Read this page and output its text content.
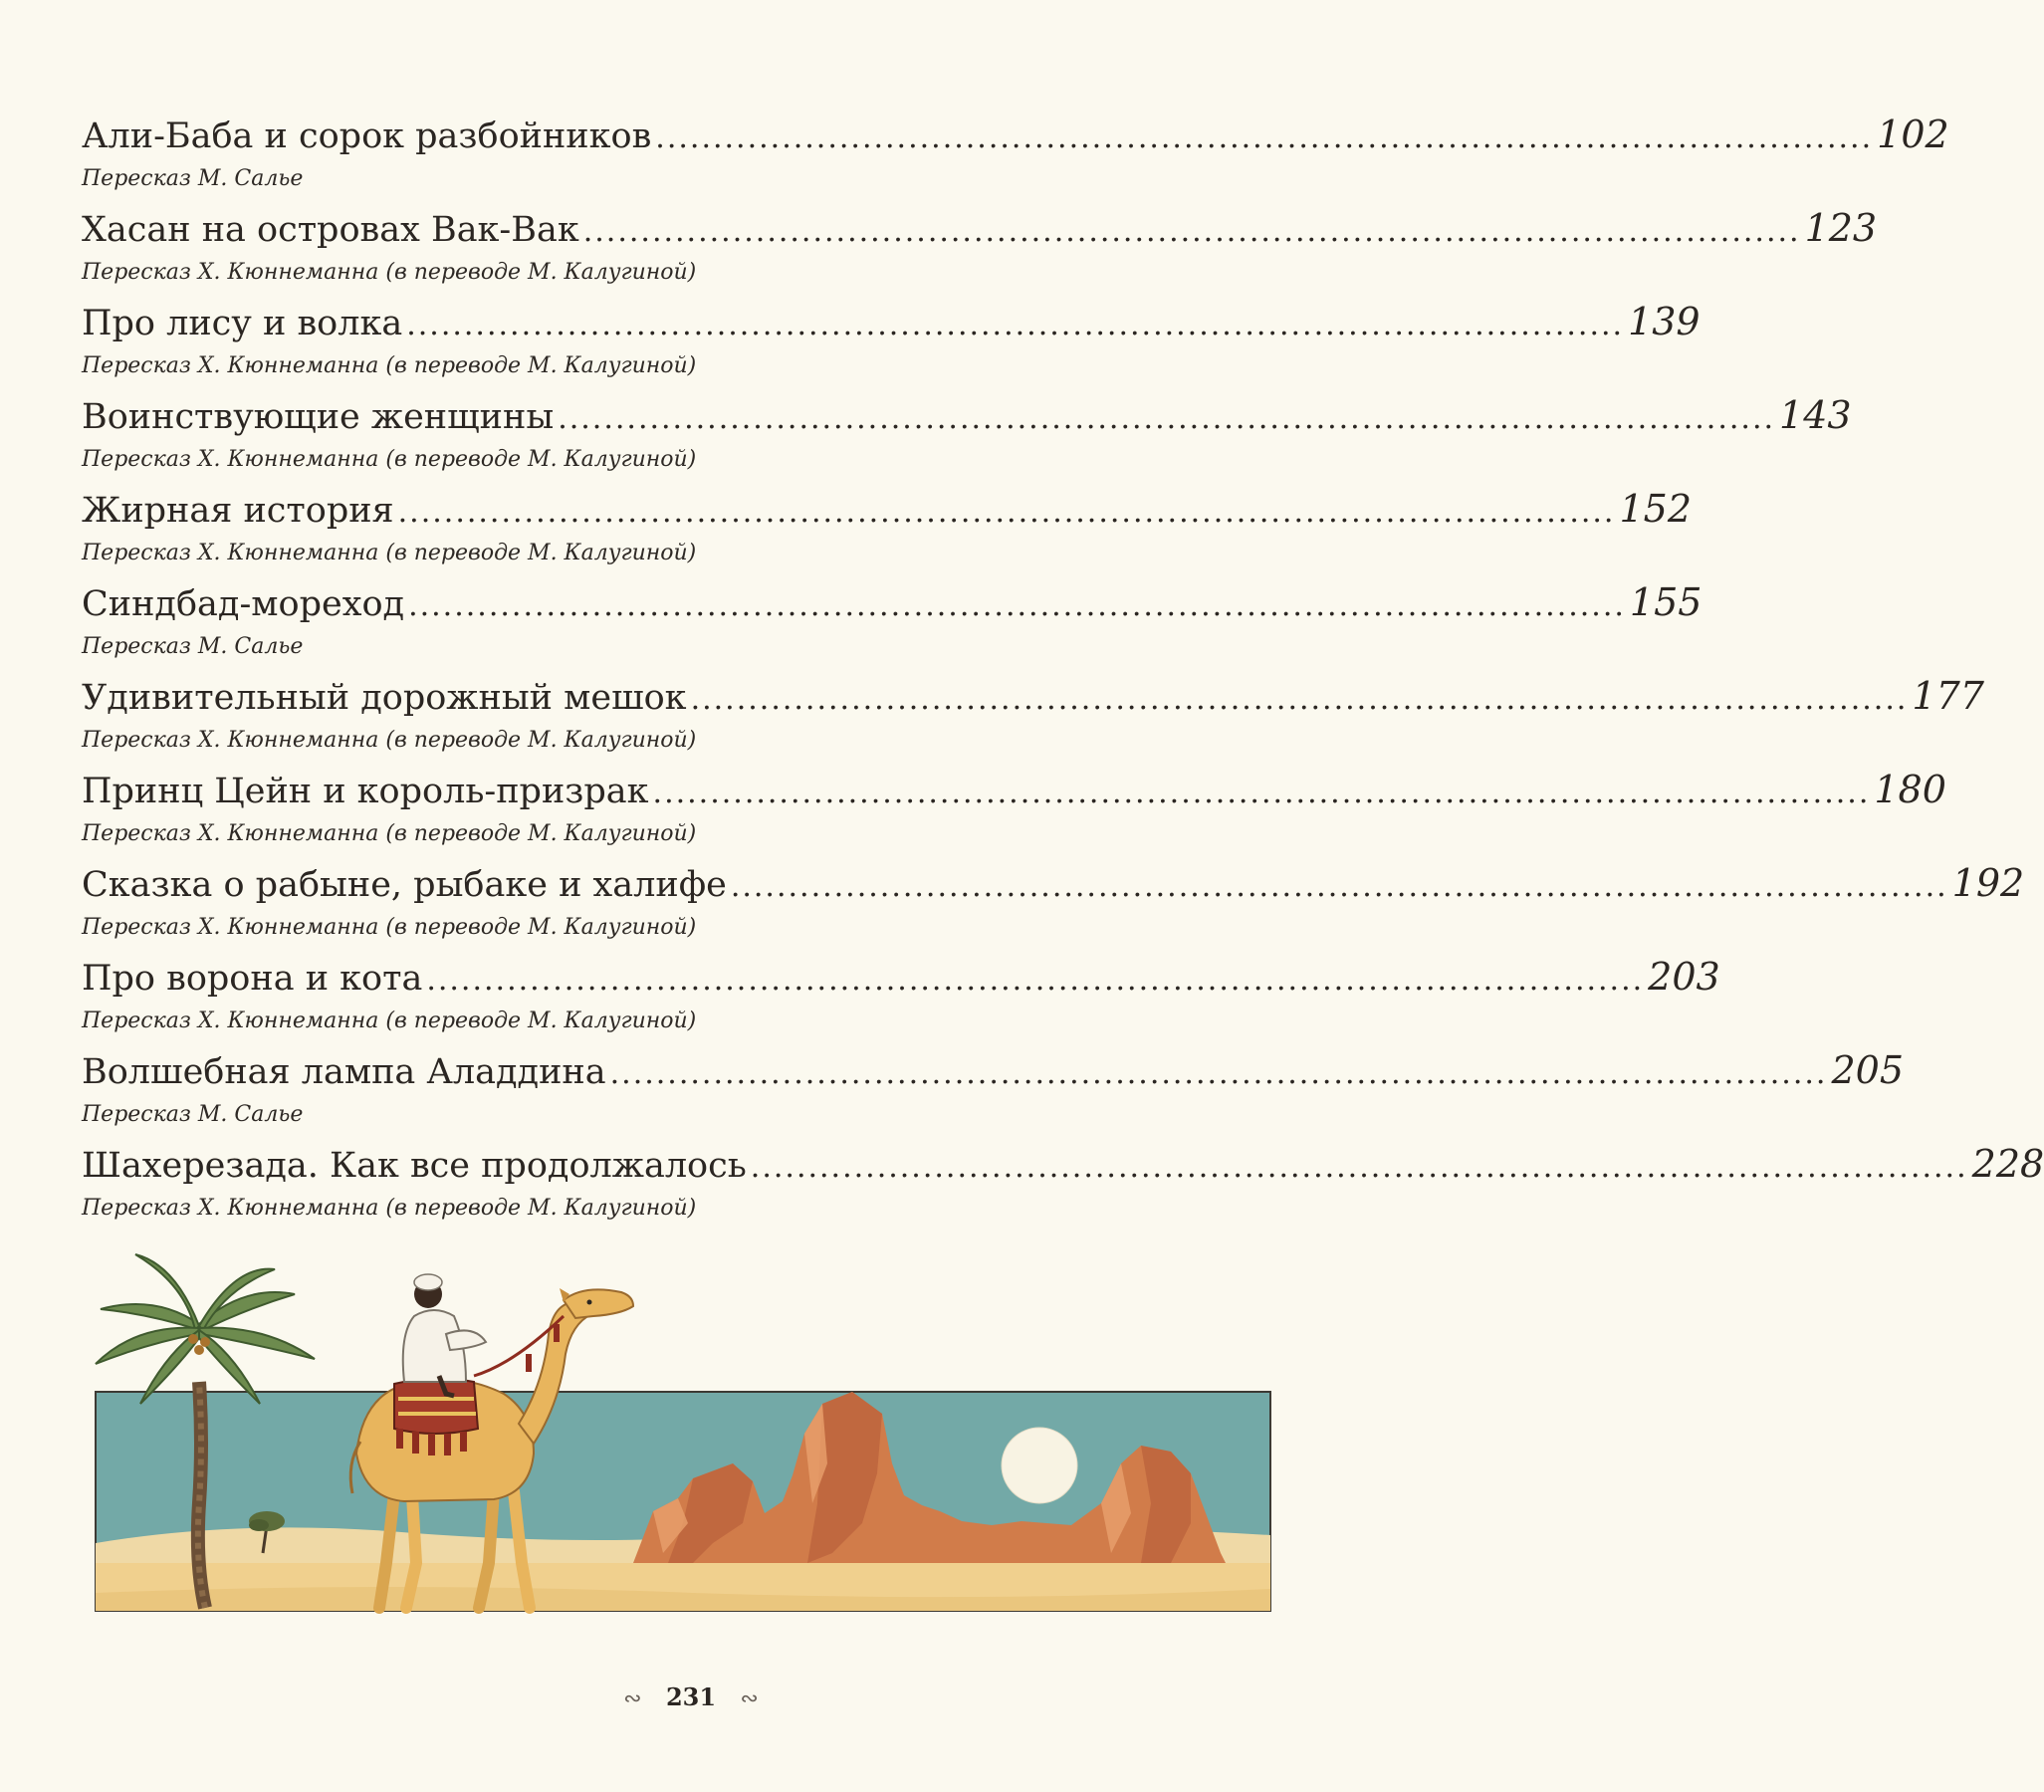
Али-Баба и сорок разбойников .......................................................................................................... 102
Пересказ М. Салье
Хасан на островах Вак-Вак .......................................................................................................... 123
Пересказ Х. Кюннеманна (в переводе М. Калугиной)
Про лису и волка .......................................................................................................... 139
Пересказ Х. Кюннеманна (в переводе М. Калугиной)
Воинствующие женщины .......................................................................................................... 143
Пересказ Х. Кюннеманна (в переводе М. Калугиной)
Жирная история .......................................................................................................... 152
Пересказ Х. Кюннеманна (в переводе М. Калугиной)
Синдбад-мореход .......................................................................................................... 155
Пересказ М. Салье
Удивительный дорожный мешок .......................................................................................................... 177
Пересказ Х. Кюннеманна (в переводе М. Калугиной)
Принц Цейн и король-призрак .......................................................................................................... 180
Пересказ Х. Кюннеманна (в переводе М. Калугиной)
Сказка о рабыне, рыбаке и халифе .......................................................................................................... 192
Пересказ Х. Кюннеманна (в переводе М. Калугиной)
Про ворона и кота .......................................................................................................... 203
Пересказ Х. Кюннеманна (в переводе М. Калугиной)
Волшебная лампа Аладдина .......................................................................................................... 205
Пересказ М. Салье
Шахерезада. Как все продолжалось .......................................................................................................... 228
Пересказ Х. Кюннеманна (в переводе М. Калугиной)
∾ 231 ∾
